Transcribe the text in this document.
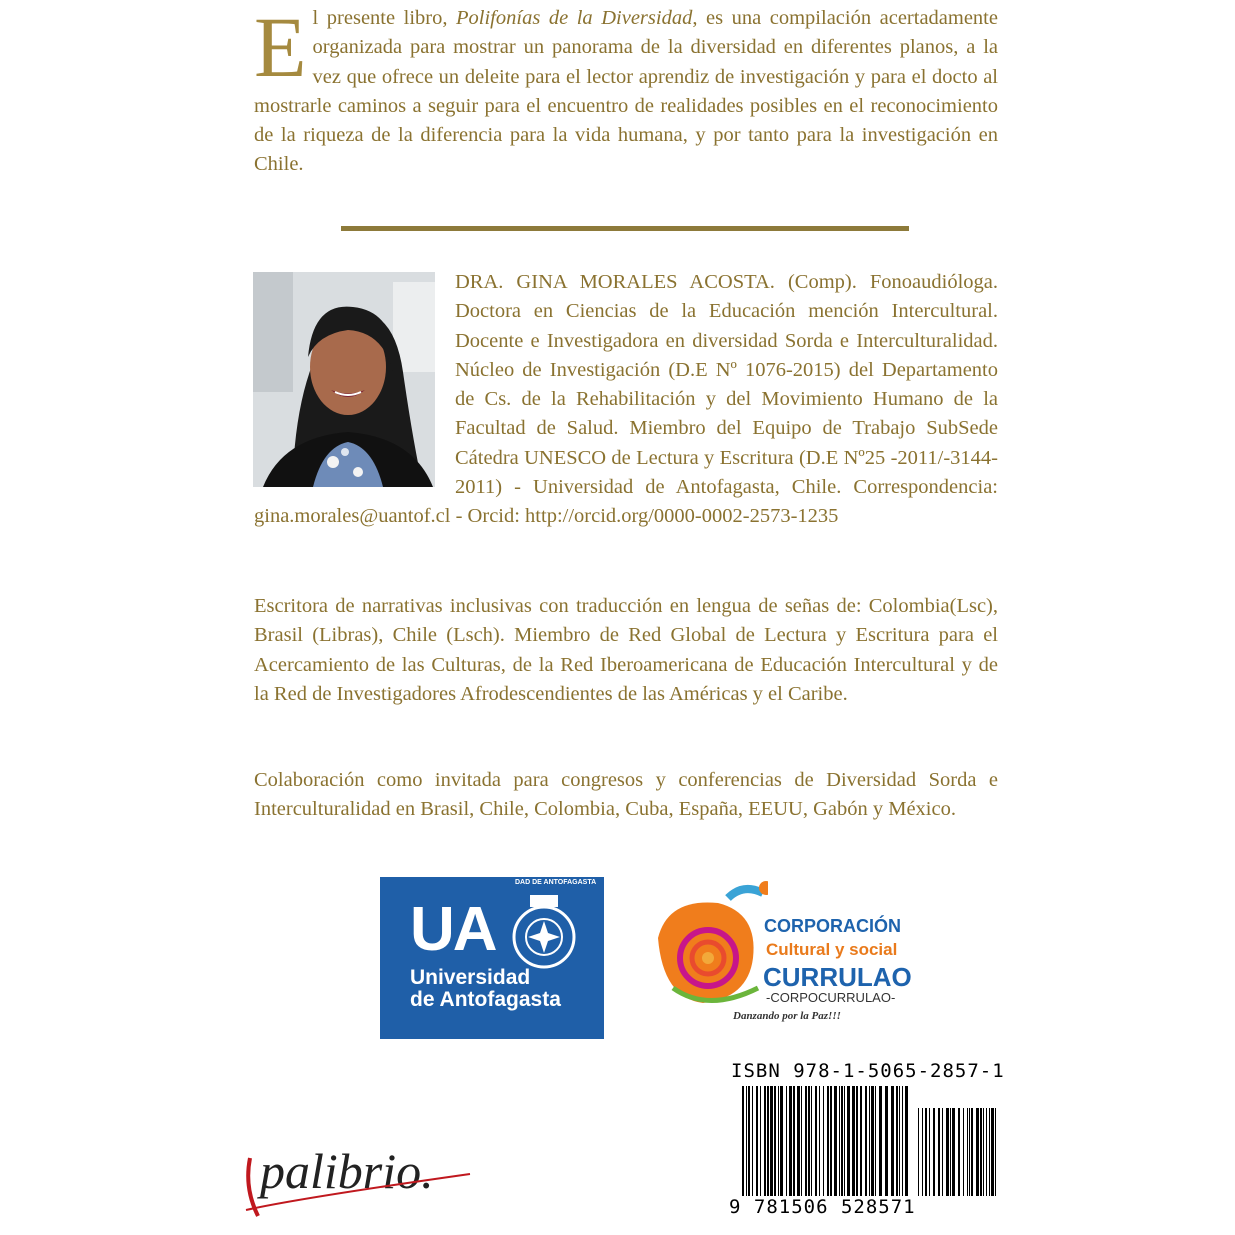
El presente libro, Polifonías de la Diversidad, es una compilación acertadamente organizada para mostrar un panorama de la diversidad en diferentes planos, a la vez que ofrece un deleite para el lector aprendiz de investigación y para el docto al mostrarle caminos a seguir para el encuentro de realidades posibles en el reconocimiento de la riqueza de la diferencia para la vida humana, y por tanto para la investigación en Chile.

DRA. GINA MORALES ACOSTA. (Comp). Fonoaudióloga. Doctora en Ciencias de la Educación mención Intercultural. Docente e Investigadora en diversidad Sorda e Interculturalidad. Núcleo de Investigación (D.E Nº 1076-2015) del Departamento de Cs. de la Rehabilitación y del Movimiento Humano de la Facultad de Salud. Miembro del Equipo de Trabajo SubSede Cátedra UNESCO de Lectura y Escritura (D.E Nº25 -2011/-3144-2011) - Universidad de Antofagasta, Chile. Correspondencia: gina.morales@uantof.cl - Orcid: http://orcid.org/0000-0002-2573-1235

Escritora de narrativas inclusivas con traducción en lengua de señas de: Colombia(Lsc), Brasil (Libras), Chile (Lsch). Miembro de Red Global de Lectura y Escritura para el Acercamiento de las Culturas, de la Red Iberoamericana de Educación Intercultural y de la Red de Investigadores Afrodescendientes de las Américas y el Caribe.

Colaboración como invitada para congresos y conferencias de Diversidad Sorda e Interculturalidad en Brasil, Chile, Colombia, Cuba, España, EEUU, Gabón y México.

UA
Universidad
de Antofagasta
DAD DE ANTOFAGASTA
CORPORACIÓN
Cultural y social
CURRULAO
-CORPOCURRULAO-
Danzando por la Paz!!!
ISBN 978-1-5065-2857-1
9 781506 528571
palibrio.
